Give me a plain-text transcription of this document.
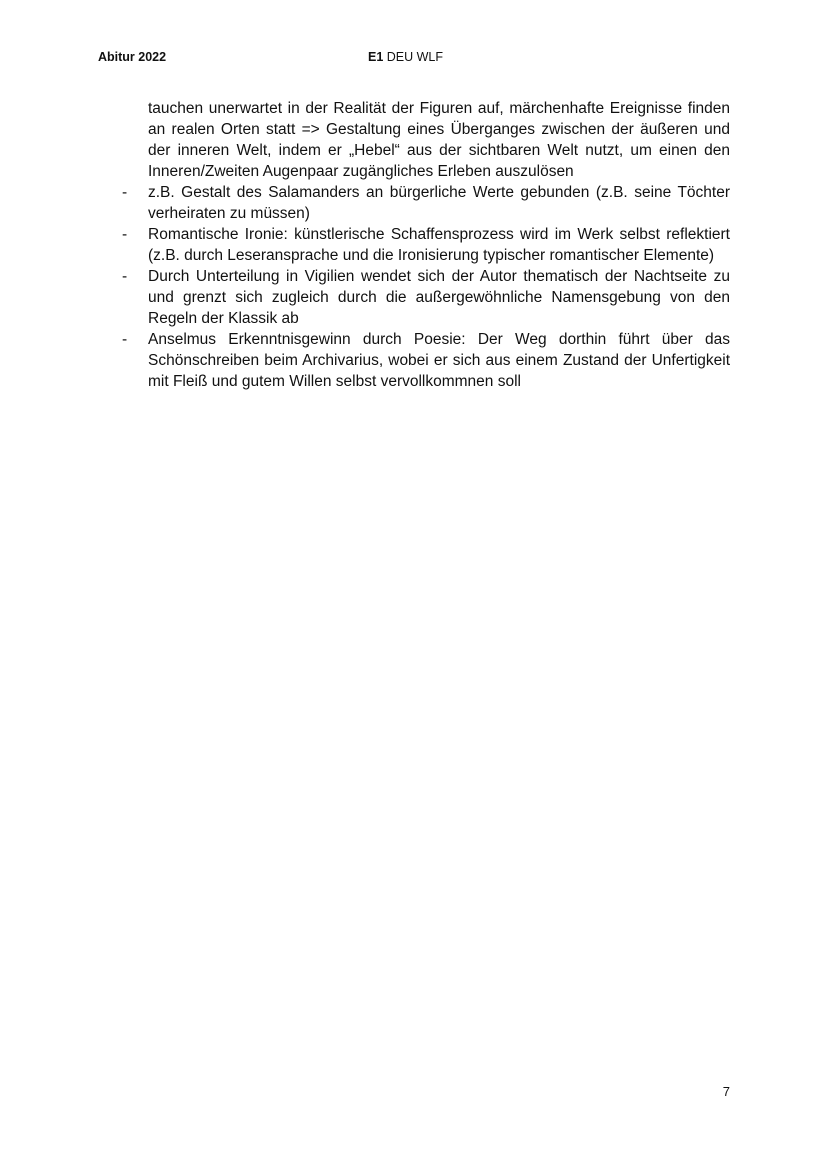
Abitur 2022	E1 DEU WLF

tauchen unerwartet in der Realität der Figuren auf, märchenhafte Ereignisse finden an realen Orten statt => Gestaltung eines Überganges zwischen der äußeren und der inneren Welt, indem er „Hebel“ aus der sichtbaren Welt nutzt, um einen den Inneren/Zweiten Augenpaar zugängliches Erleben auszulösen

- z.B. Gestalt des Salamanders an bürgerliche Werte gebunden (z.B. seine Töchter verheiraten zu müssen)
- Romantische Ironie: künstlerische Schaffensprozess wird im Werk selbst reflektiert (z.B. durch Leseransprache und die Ironisierung typischer romantischer Elemente)
- Durch Unterteilung in Vigilien wendet sich der Autor thematisch der Nachtseite zu und grenzt sich zugleich durch die außergewöhnliche Namensgebung von den Regeln der Klassik ab
- Anselmus Erkenntnisgewinn durch Poesie: Der Weg dorthin führt über das Schönschreiben beim Archivarius, wobei er sich aus einem Zustand der Unfertigkeit mit Fleiß und gutem Willen selbst vervollkommnen soll
7
